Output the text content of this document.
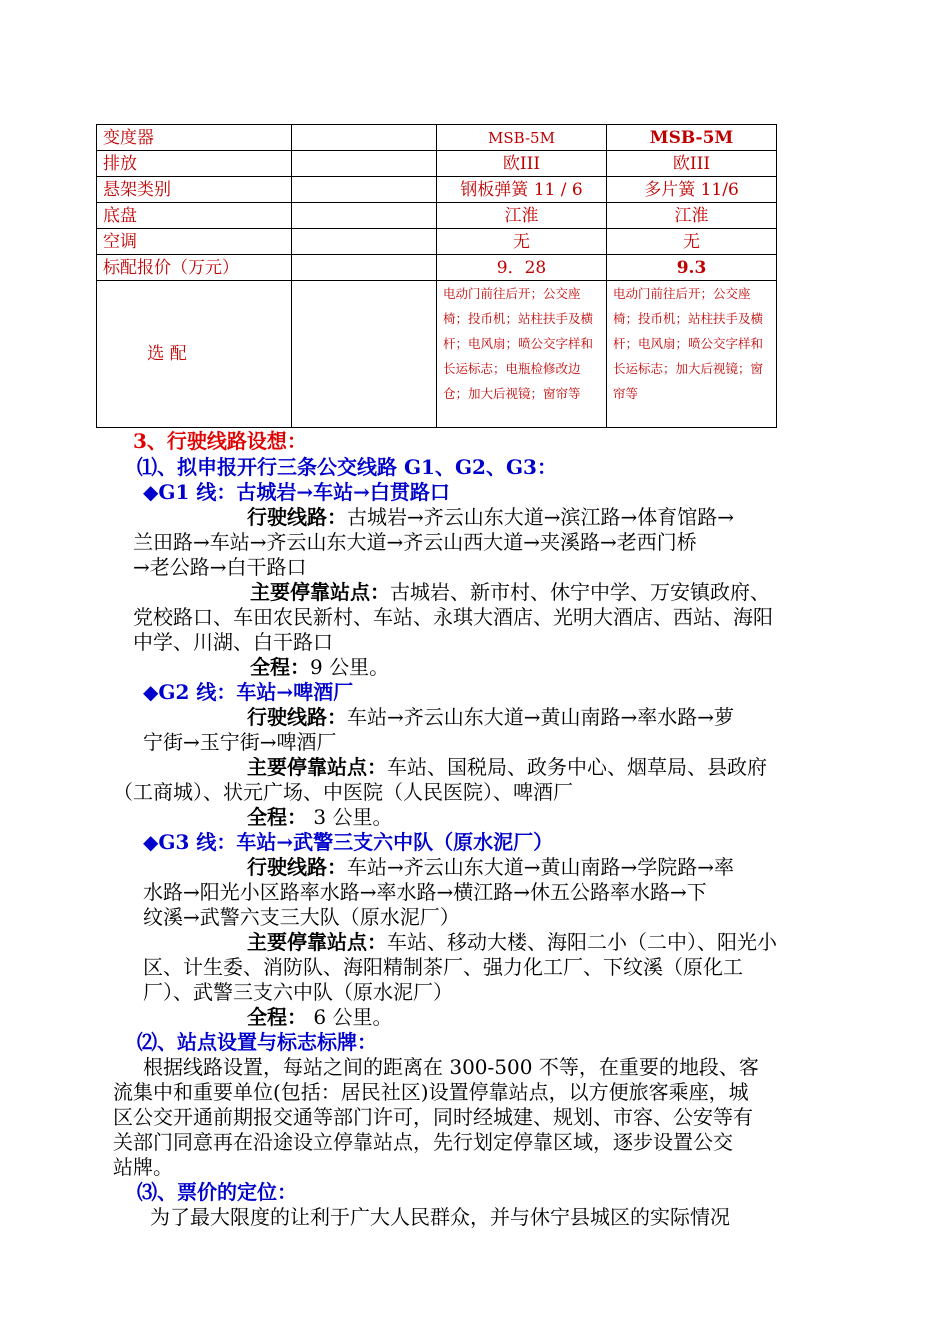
变度器		MSB-5M	MSB-5M
排放		欧III	欧III
悬架类别		钢板弹簧 11 / 6	多片簧 11/6
底盘		江淮	江淮
空调		无	无
标配报价（万元）		9．28	9.3
选 配		电动门前往后开；公交座椅；投币机；站柱扶手及横杆；电风扇；喷公交字样和长运标志；电瓶检修改边仓；加大后视镜；窗帘等	电动门前往后开；公交座椅；投币机；站柱扶手及横杆；电风扇；喷公交字样和长运标志；加大后视镜；窗帘等
3、行驶线路设想：
⑴、拟申报开行三条公交线路 G1、G2、G3：
◆G1 线：古城岩→车站→白贯路口
行驶线路：古城岩→齐云山东大道→滨江路→体育馆路→
兰田路→车站→齐云山东大道→齐云山西大道→夹溪路→老西门桥
→老公路→白干路口
主要停靠站点：古城岩、新市村、休宁中学、万安镇政府、
党校路口、车田农民新村、车站、永琪大酒店、光明大酒店、西站、海阳
中学、川湖、白干路口
全程：9 公里。
◆G2 线：车站→啤酒厂
行驶线路：车站→齐云山东大道→黄山南路→率水路→萝
宁街→玉宁街→啤酒厂
主要停靠站点：车站、国税局、政务中心、烟草局、县政府
（工商城）、状元广场、中医院（人民医院）、啤酒厂
全程： 3 公里。
◆G3 线：车站→武警三支六中队（原水泥厂）
行驶线路：车站→齐云山东大道→黄山南路→学院路→率
水路→阳光小区路率水路→率水路→横江路→休五公路率水路→下
纹溪→武警六支三大队（原水泥厂）
主要停靠站点：车站、移动大楼、海阳二小（二中）、阳光小
区、计生委、消防队、海阳精制茶厂、强力化工厂、下纹溪（原化工
厂）、武警三支六中队（原水泥厂）
全程： 6 公里。
⑵、站点设置与标志标牌：
根据线路设置，每站之间的距离在 300-500 不等，在重要的地段、客
流集中和重要单位(包括：居民社区)设置停靠站点，以方便旅客乘座，城
区公交开通前期报交通等部门许可，同时经城建、规划、市容、公安等有
关部门同意再在沿途设立停靠站点，先行划定停靠区域，逐步设置公交
站牌。
⑶、票价的定位：
为了最大限度的让利于广大人民群众，并与休宁县城区的实际情况
